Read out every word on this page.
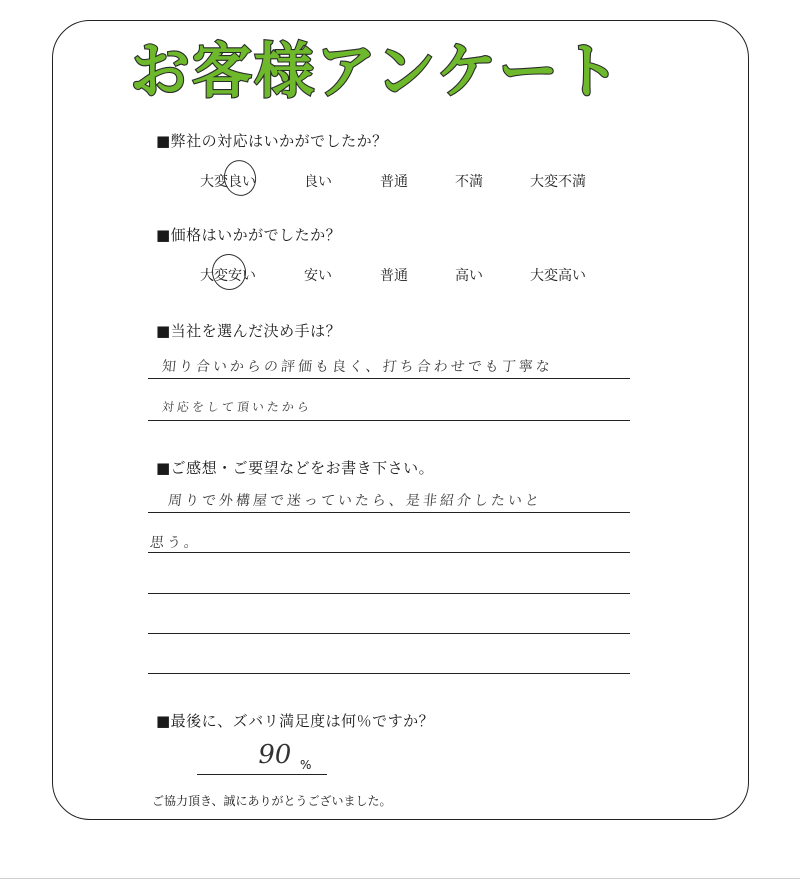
お客様アンケート
■弊社の対応はいかがでしたか？
大変良い	良い	普通	不満	大変不満
■価格はいかがでしたか？
大変安い	安い	普通	高い	大変高い
■当社を選んだ決め手は？
知り合いからの評価も良く、打ち合わせでも丁寧な
対応をして頂いたから
■ご感想・ご要望などをお書き下さい。
周りで外構屋で迷っていたら、是非紹介したいと
思う。
■最後に、ズバリ満足度は何％ですか？
90 %
ご協力頂き、誠にありがとうございました。
